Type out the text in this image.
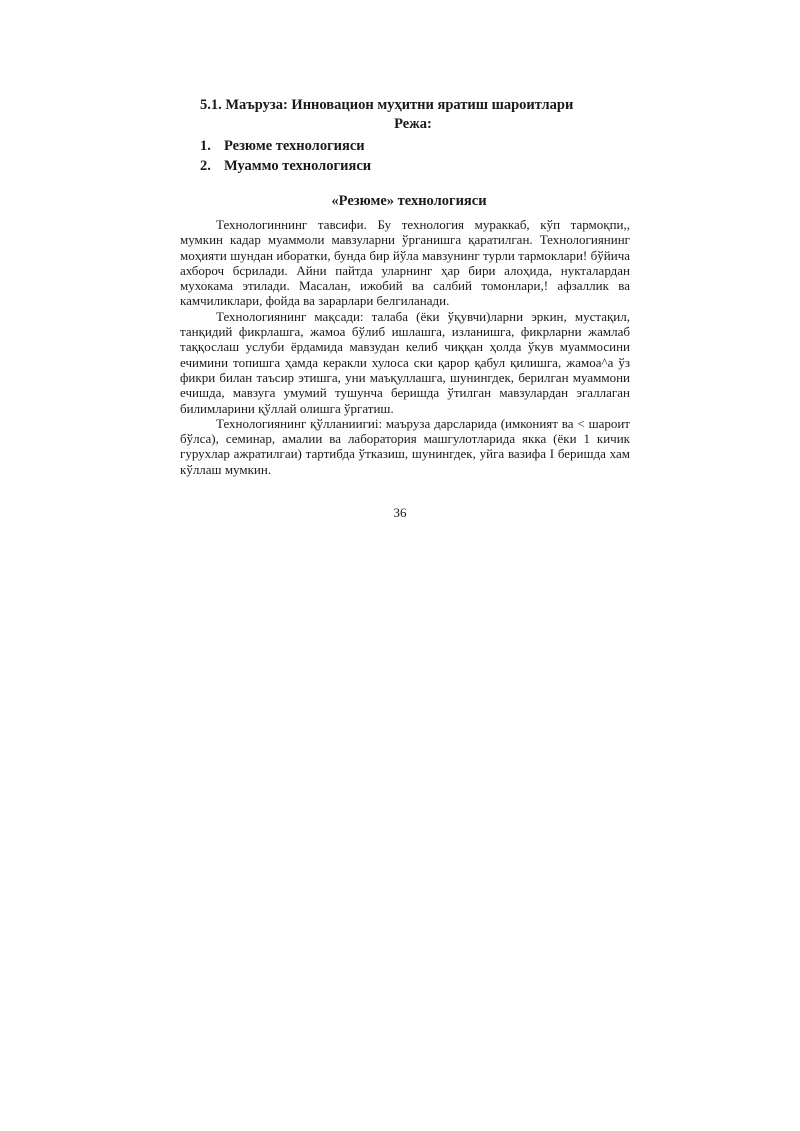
5.1. Маъруза: Инновацион муҳитни яратиш шароитлари
Режа:
1. Резюме технологияси
2. Муаммо технологияси
«Резюме» технологияси

Технологиннинг тавсифи. Бу технология мураккаб, кўп тармоқпи,, мумкин кадар муаммоли мавзуларни ўрганишга қаратилган. Технологиянинг моҳияти шундан иборатки, бунда бир йўла мавзунинг турли тармоклари! бўйича ахбороч бсрилади. Айни пайтда уларнинг ҳар бири алоҳида, нукталардан мухокама этилади. Масалан, ижобий ва салбий томонлари,! афзаллик ва камчиликлари, фойда ва зарарлари белгиланади.

Технологиянинг мақсади: талаба (ёки ўқувчи)ларни эркин, мустақил, танқидий фикрлашга, жамоа бўлиб ишлашга, изланишга, фикрларни жамлаб таққослаш услуби ёрдамида мавзудан келиб чиққан ҳолда ўкув муаммосини ечимини топишга ҳамда керакли хулоса ски қарор қабул қилишга, жамоа^а ўз фикри билан таъсир этишга, уни маъқуллашга, шунингдек, берилган муаммони ечишда, мавзуга умумий тушунча беришда ўтилган мавзулардан эгаллаган билимларини қўллай олишга ўргатиш.

Технологиянинг қўлланиигиi: маъруза дарсларида (имконият ва < шароит бўлса), семинар, амалии ва лаборатория машгулотларида якка (ёки 1 кичик гурухлар ажратилгаи) тартибда ўтказиш, шунингдек, уйга вазифа I беришда хам кўллаш мумкин.

36
